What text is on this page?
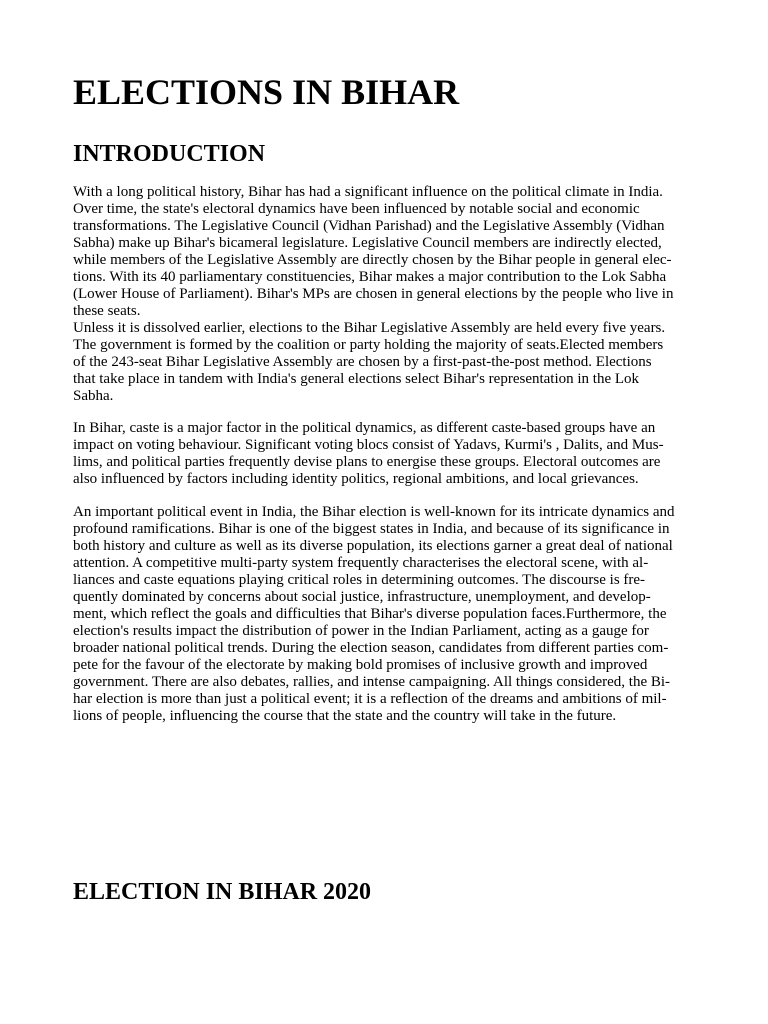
ELECTIONS IN BIHAR
INTRODUCTION
With a long political history, Bihar has had a significant influence on the political climate in India.
Over time, the state's electoral dynamics have been influenced by notable social and economic
transformations. The Legislative Council (Vidhan Parishad) and the Legislative Assembly (Vidhan
Sabha) make up Bihar's bicameral legislature. Legislative Council members are indirectly elected,
while members of the Legislative Assembly are directly chosen by the Bihar people in general elec-
tions. With its 40 parliamentary constituencies, Bihar makes a major contribution to the Lok Sabha
(Lower House of Parliament). Bihar's MPs are chosen in general elections by the people who live in
these seats.
Unless it is dissolved earlier, elections to the Bihar Legislative Assembly are held every five years.
The government is formed by the coalition or party holding the majority of seats.Elected members
of the 243-seat Bihar Legislative Assembly are chosen by a first-past-the-post method. Elections
that take place in tandem with India's general elections select Bihar's representation in the Lok
Sabha.
In Bihar, caste is a major factor in the political dynamics, as different caste-based groups have an
impact on voting behaviour. Significant voting blocs consist of Yadavs, Kurmi's , Dalits, and Mus-
lims, and political parties frequently devise plans to energise these groups. Electoral outcomes are
also influenced by factors including identity politics, regional ambitions, and local grievances.
An important political event in India, the Bihar election is well-known for its intricate dynamics and
profound ramifications. Bihar is one of the biggest states in India, and because of its significance in
both history and culture as well as its diverse population, its elections garner a great deal of national
attention. A competitive multi-party system frequently characterises the electoral scene, with al-
liances and caste equations playing critical roles in determining outcomes. The discourse is fre-
quently dominated by concerns about social justice, infrastructure, unemployment, and develop-
ment, which reflect the goals and difficulties that Bihar's diverse population faces.Furthermore, the
election's results impact the distribution of power in the Indian Parliament, acting as a gauge for
broader national political trends. During the election season, candidates from different parties com-
pete for the favour of the electorate by making bold promises of inclusive growth and improved
government. There are also debates, rallies, and intense campaigning. All things considered, the Bi-
har election is more than just a political event; it is a reflection of the dreams and ambitions of mil-
lions of people, influencing the course that the state and the country will take in the future.
ELECTION IN BIHAR 2020
